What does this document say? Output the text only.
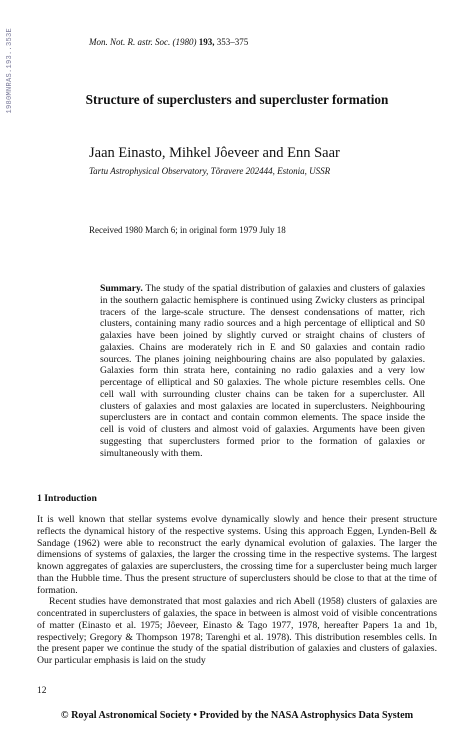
1980MNRAS.193..353E	Mon. Not. R. astr. Soc. (1980) 193, 353–375
Structure of superclusters and supercluster formation
Jaan Einasto, Mihkel Jôeveer and Enn Saar
Tartu Astrophysical Observatory, Tõravere 202444, Estonia, USSR
Received 1980 March 6; in original form 1979 July 18
Summary. The study of the spatial distribution of galaxies and clusters of galaxies in the southern galactic hemisphere is continued using Zwicky clusters as principal tracers of the large-scale structure. The densest condensations of matter, rich clusters, containing many radio sources and a high percentage of elliptical and S0 galaxies have been joined by slightly curved or straight chains of clusters of galaxies. Chains are moderately rich in E and S0 galaxies and contain radio sources. The planes joining neighbouring chains are also populated by galaxies. Galaxies form thin strata here, containing no radio galaxies and a very low percentage of elliptical and S0 galaxies. The whole picture resembles cells. One cell wall with surrounding cluster chains can be taken for a supercluster. All clusters of galaxies and most galaxies are located in superclusters. Neighbouring superclusters are in contact and contain common elements. The space inside the cell is void of clusters and almost void of galaxies. Arguments have been given suggesting that superclusters formed prior to the formation of galaxies or simultaneously with them.
1 Introduction

It is well known that stellar systems evolve dynamically slowly and hence their present structure reflects the dynamical history of the respective systems. Using this approach Eggen, Lynden-Bell & Sandage (1962) were able to reconstruct the early dynamical evolution of galaxies. The larger the dimensions of systems of galaxies, the larger the crossing time in the respective systems. The largest known aggregates of galaxies are superclusters, the crossing time for a supercluster being much larger than the Hubble time. Thus the present structure of superclusters should be close to that at the time of formation.

Recent studies have demonstrated that most galaxies and rich Abell (1958) clusters of galaxies are concentrated in superclusters of galaxies, the space in between is almost void of visible concentrations of matter (Einasto et al. 1975; Jôeveer, Einasto & Tago 1977, 1978, hereafter Papers 1a and 1b, respectively; Gregory & Thompson 1978; Tarenghi et al. 1978). This distribution resembles cells. In the present paper we continue the study of the spatial distribution of galaxies and clusters of galaxies. Our particular emphasis is laid on the study

12
© Royal Astronomical Society • Provided by the NASA Astrophysics Data System
